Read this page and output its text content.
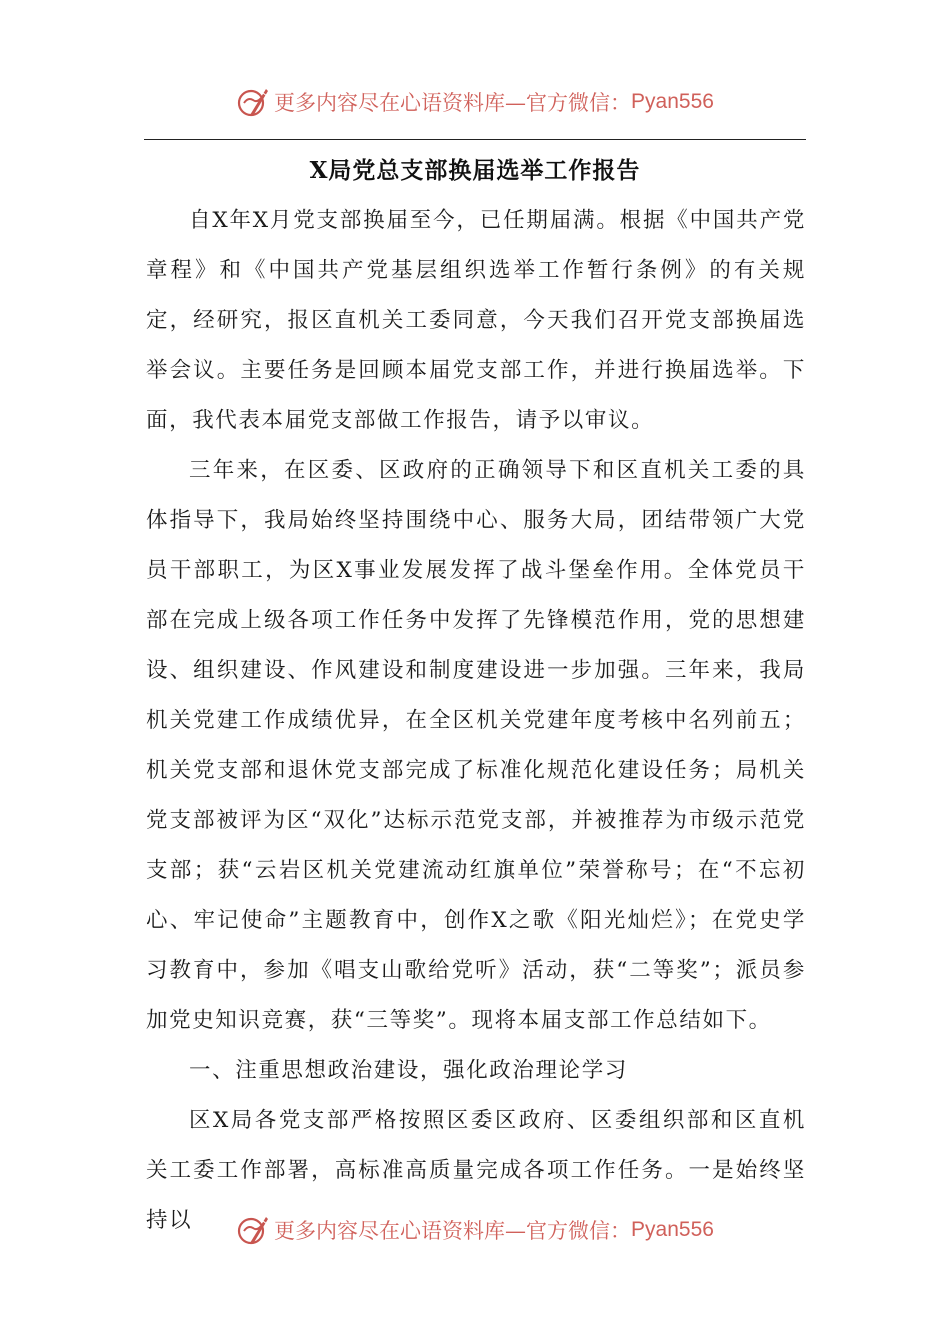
更多内容尽在心语资料库—官方微信： Pyan556
X局党总支部换届选举工作报告

自X年X月党支部换届至今，已任期届满。根据《中国共产党章程》和《中国共产党基层组织选举工作暂行条例》的有关规定，经研究，报区直机关工委同意，今天我们召开党支部换届选举会议。主要任务是回顾本届党支部工作，并进行换届选举。下面，我代表本届党支部做工作报告，请予以审议。

三年来，在区委、区政府的正确领导下和区直机关工委的具体指导下，我局始终坚持围绕中心、服务大局，团结带领广大党员干部职工，为区X事业发展发挥了战斗堡垒作用。全体党员干部在完成上级各项工作任务中发挥了先锋模范作用，党的思想建设、组织建设、作风建设和制度建设进一步加强。三年来，我局机关党建工作成绩优异，在全区机关党建年度考核中名列前五；机关党支部和退休党支部完成了标准化规范化建设任务；局机关党支部被评为区“双化”达标示范党支部，并被推荐为市级示范党支部；获“云岩区机关党建流动红旗单位”荣誉称号；在“不忘初心、牢记使命”主题教育中，创作X之歌《阳光灿烂》；在党史学习教育中，参加《唱支山歌给党听》活动，获“二等奖”；派员参加党史知识竞赛，获“三等奖”。现将本届支部工作总结如下。

一、注重思想政治建设，强化政治理论学习

区X局各党支部严格按照区委区政府、区委组织部和区直机关工委工作部署，高标准高质量完成各项工作任务。一是始终坚持以	更多内容尽在心语资料库—官方微信： Pyan556
